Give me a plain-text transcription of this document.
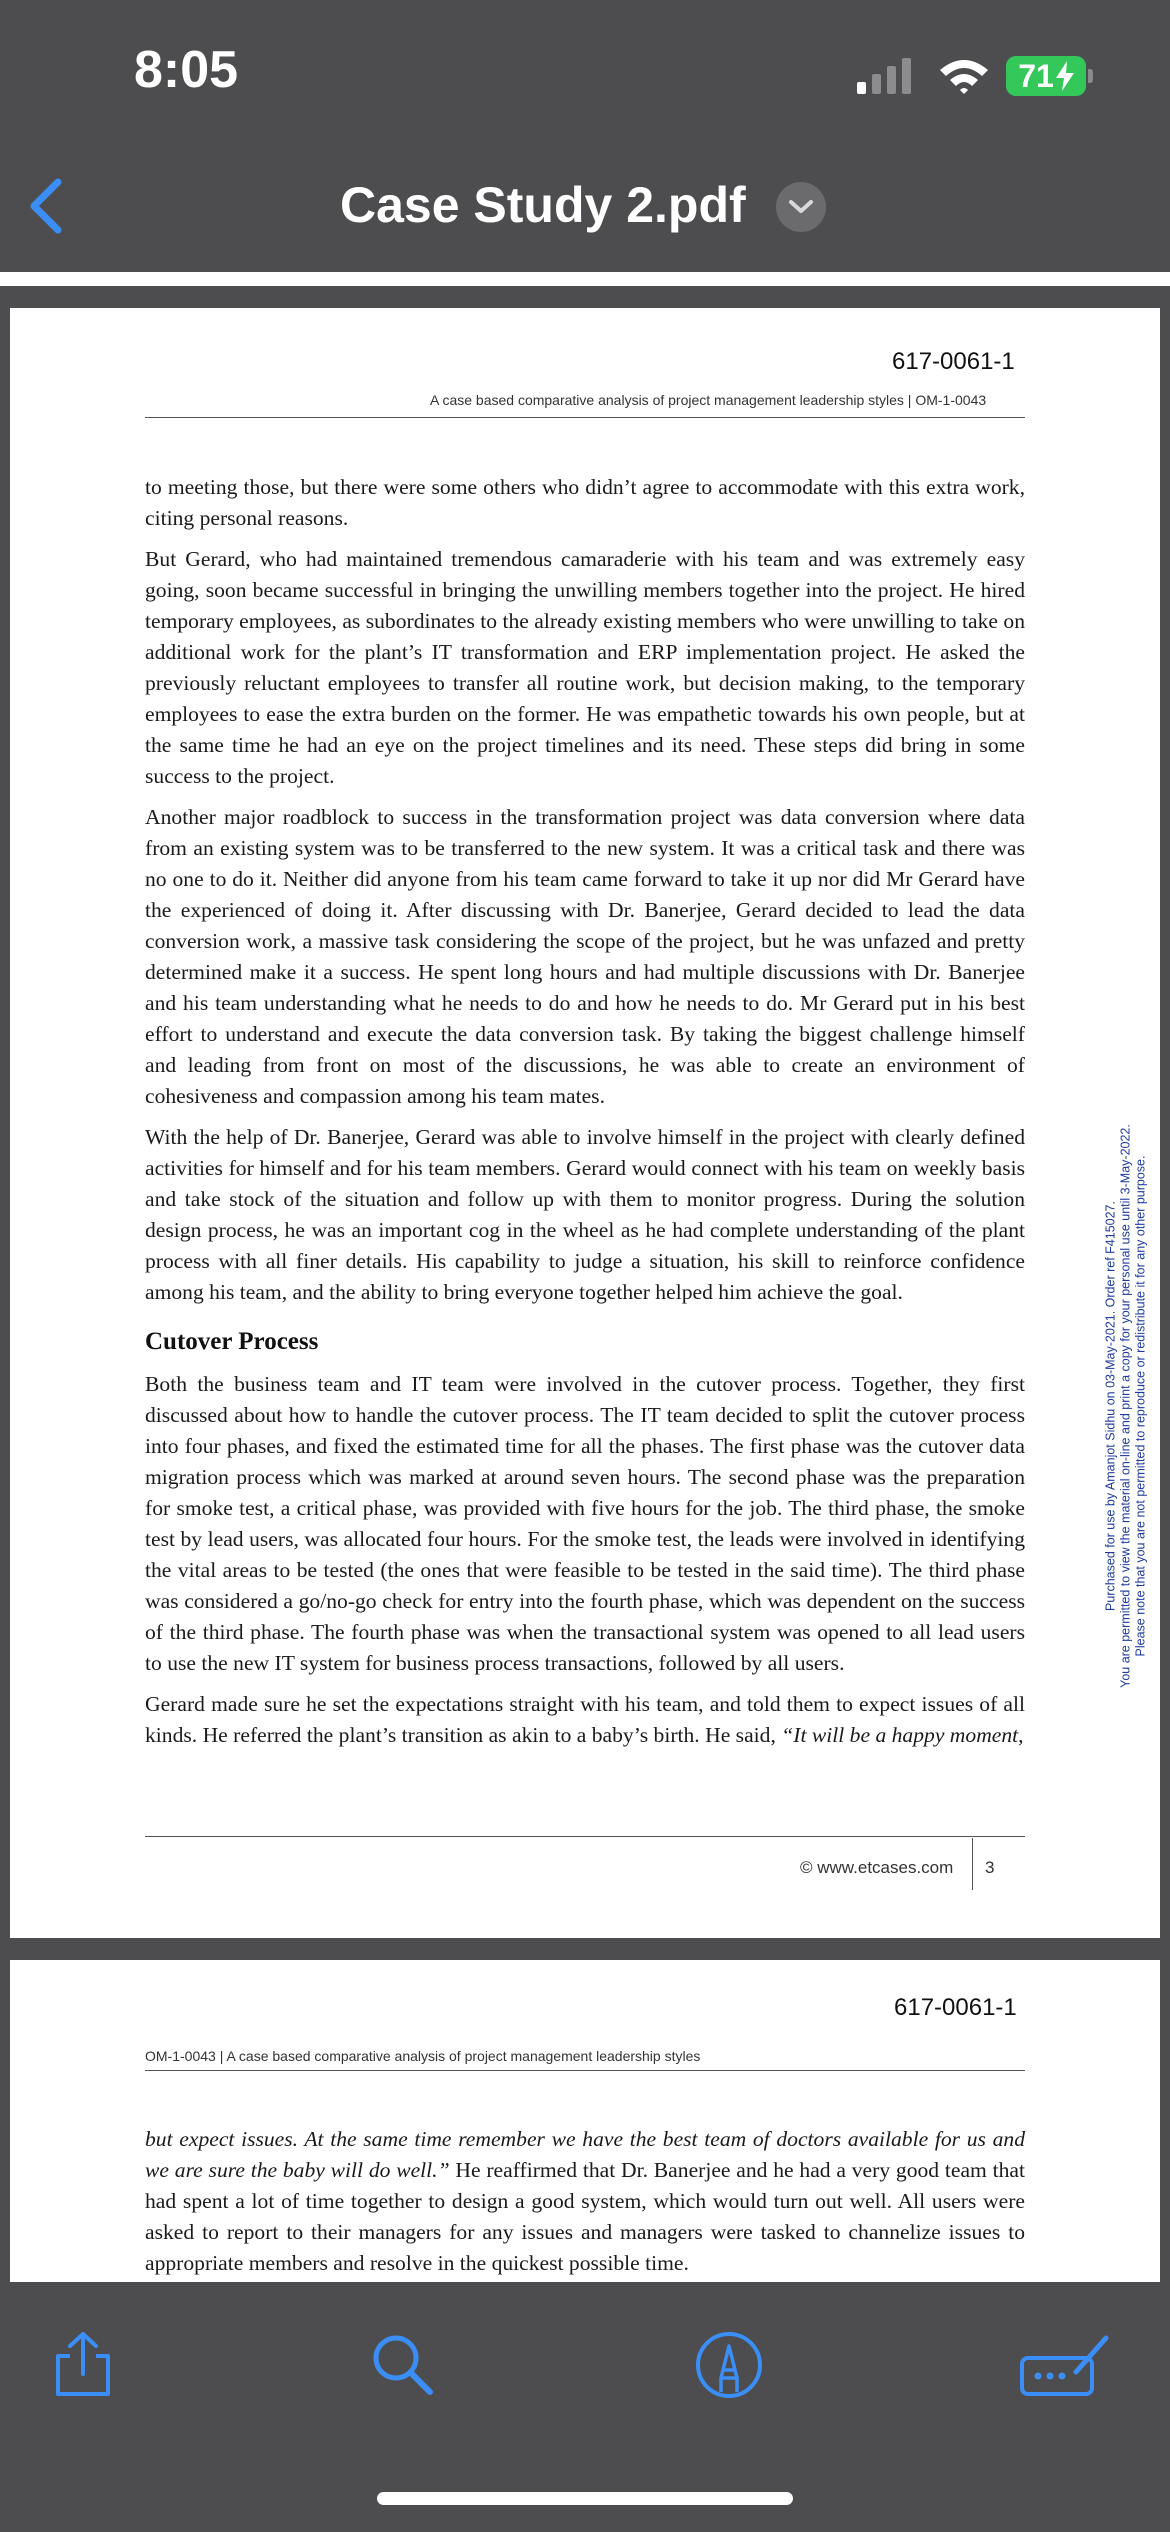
8:05	71
Case Study 2.pdf
617-0061-1
A case based comparative analysis of project management leadership styles | OM-1-0043

to meeting those, but there were some others who didn’t agree to accommodate with this extra work, citing personal reasons.

But Gerard, who had maintained tremendous camaraderie with his team and was extremely easy going, soon became successful in bringing the unwilling members together into the project. He hired temporary employees, as subordinates to the already existing members who were unwilling to take on additional work for the plant’s IT transformation and ERP implementation project. He asked the previously reluctant employees to transfer all routine work, but decision making, to the temporary employees to ease the extra burden on the former. He was empathetic towards his own people, but at the same time he had an eye on the project timelines and its need. These steps did bring in some success to the project.

Another major roadblock to success in the transformation project was data conversion where data from an existing system was to be transferred to the new system. It was a critical task and there was no one to do it. Neither did anyone from his team came forward to take it up nor did Mr Gerard have the experienced of doing it. After discussing with Dr. Banerjee, Gerard decided to lead the data conversion work, a massive task considering the scope of the project, but he was unfazed and pretty determined make it a success. He spent long hours and had multiple discussions with Dr. Banerjee and his team understanding what he needs to do and how he needs to do. Mr Gerard put in his best effort to understand and execute the data conversion task. By taking the biggest challenge himself and leading from front on most of the discussions, he was able to create an environment of cohesiveness and compassion among his team mates.

With the help of Dr. Banerjee, Gerard was able to involve himself in the project with clearly defined activities for himself and for his team members. Gerard would connect with his team on weekly basis and take stock of the situation and follow up with them to monitor progress. During the solution design process, he was an important cog in the wheel as he had complete understanding of the plant process with all finer details. His capability to judge a situation, his skill to reinforce confidence among his team, and the ability to bring everyone together helped him achieve the goal.

Cutover Process

Both the business team and IT team were involved in the cutover process. Together, they first discussed about how to handle the cutover process. The IT team decided to split the cutover process into four phases, and fixed the estimated time for all the phases. The first phase was the cutover data migration process which was marked at around seven hours. The second phase was the preparation for smoke test, a critical phase, was provided with five hours for the job. The third phase, the smoke test by lead users, was allocated four hours. For the smoke test, the leads were involved in identifying the vital areas to be tested (the ones that were feasible to be tested in the said time). The third phase was considered a go/no-go check for entry into the fourth phase, which was dependent on the success of the third phase. The fourth phase was when the transactional system was opened to all lead users to use the new IT system for business process transactions, followed by all users.

Gerard made sure he set the expectations straight with his team, and told them to expect issues of all kinds. He referred the plant’s transition as akin to a baby’s birth. He said, “It will be a happy moment,

Purchased for use by Amanjot Sidhu on 03-May-2021. Order ref F415027. You are permitted to view the material on-line and print a copy for your personal use until 3-May-2022. Please note that you are not permitted to reproduce or redistribute it for any other purpose.
© www.etcases.com 3
617-0061-1
OM-1-0043 | A case based comparative analysis of project management leadership styles

but expect issues. At the same time remember we have the best team of doctors available for us and we are sure the baby will do well.” He reaffirmed that Dr. Banerjee and he had a very good team that had spent a lot of time together to design a good system, which would turn out well. All users were asked to report to their managers for any issues and managers were tasked to channelize issues to appropriate members and resolve in the quickest possible time.
